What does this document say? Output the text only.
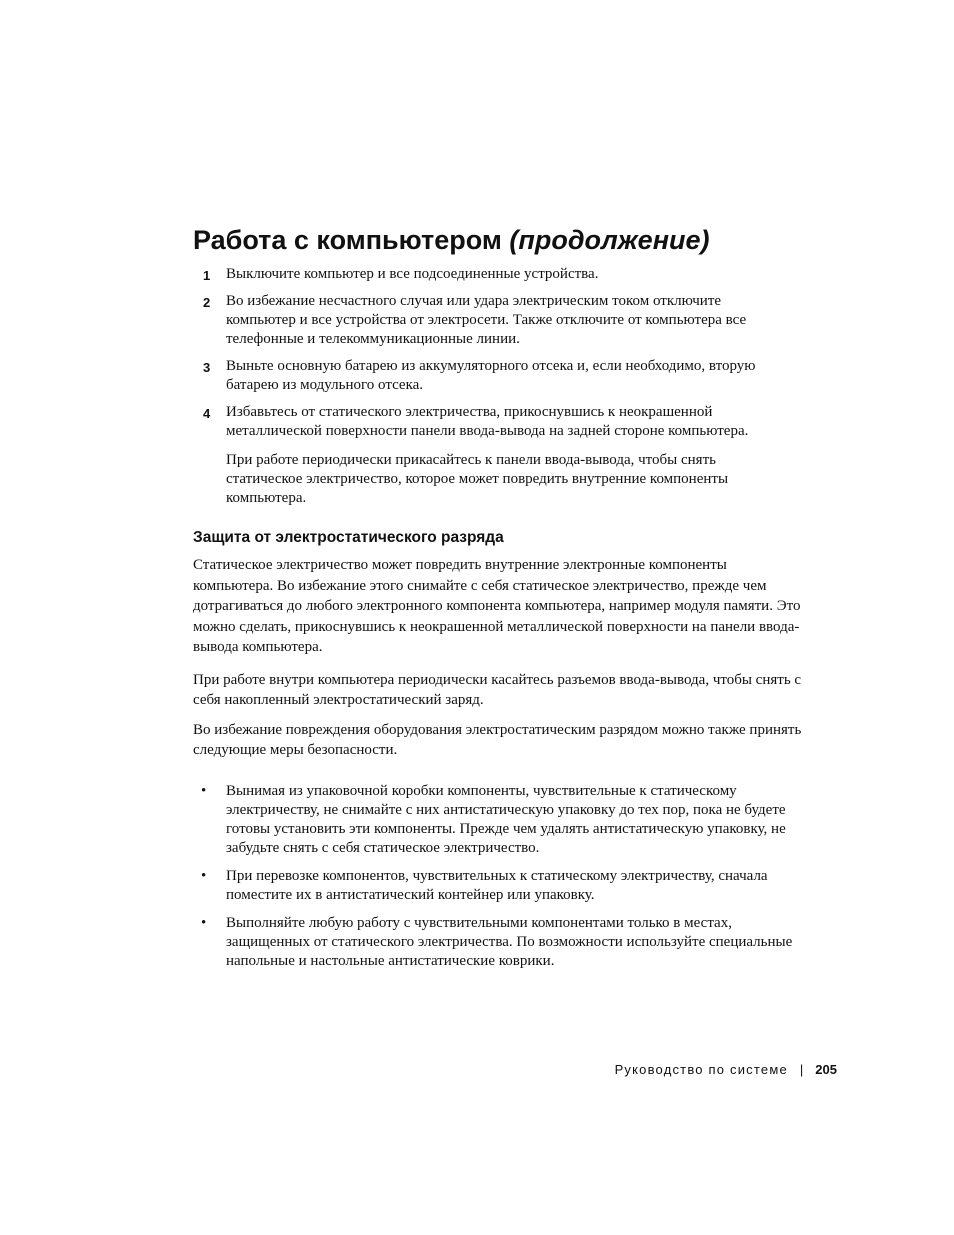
Работа с компьютером (продолжение)
1 Выключите компьютер и все подсоединенные устройства.
2 Во избежание несчастного случая или удара электрическим током отключите компьютер и все устройства от электросети. Также отключите от компьютера все телефонные и телекоммуникационные линии.
3 Выньте основную батарею из аккумуляторного отсека и, если необходимо, вторую батарею из модульного отсека.
4 Избавьтесь от статического электричества, прикоснувшись к неокрашенной металлической поверхности панели ввода-вывода на задней стороне компьютера.
При работе периодически прикасайтесь к панели ввода-вывода, чтобы снять статическое электричество, которое может повредить внутренние компоненты компьютера.
Защита от электростатического разряда

Статическое электричество может повредить внутренние электронные компоненты компьютера. Во избежание этого снимайте с себя статическое электричество, прежде чем дотрагиваться до любого электронного компонента компьютера, например модуля памяти. Это можно сделать, прикоснувшись к неокрашенной металлической поверхности на панели ввода-вывода компьютера.

При работе внутри компьютера периодически касайтесь разъемов ввода-вывода, чтобы снять с себя накопленный электростатический заряд.

Во избежание повреждения оборудования электростатическим разрядом можно также принять следующие меры безопасности.

• Вынимая из упаковочной коробки компоненты, чувствительные к статическому электричеству, не снимайте с них антистатическую упаковку до тех пор, пока не будете готовы установить эти компоненты. Прежде чем удалять антистатическую упаковку, не забудьте снять с себя статическое электричество.
• При перевозке компонентов, чувствительных к статическому электричеству, сначала поместите их в антистатический контейнер или упаковку.
• Выполняйте любую работу с чувствительными компонентами только в местах, защищенных от статического электричества. По возможности используйте специальные напольные и настольные антистатические коврики.
Руководство по системе | 205
